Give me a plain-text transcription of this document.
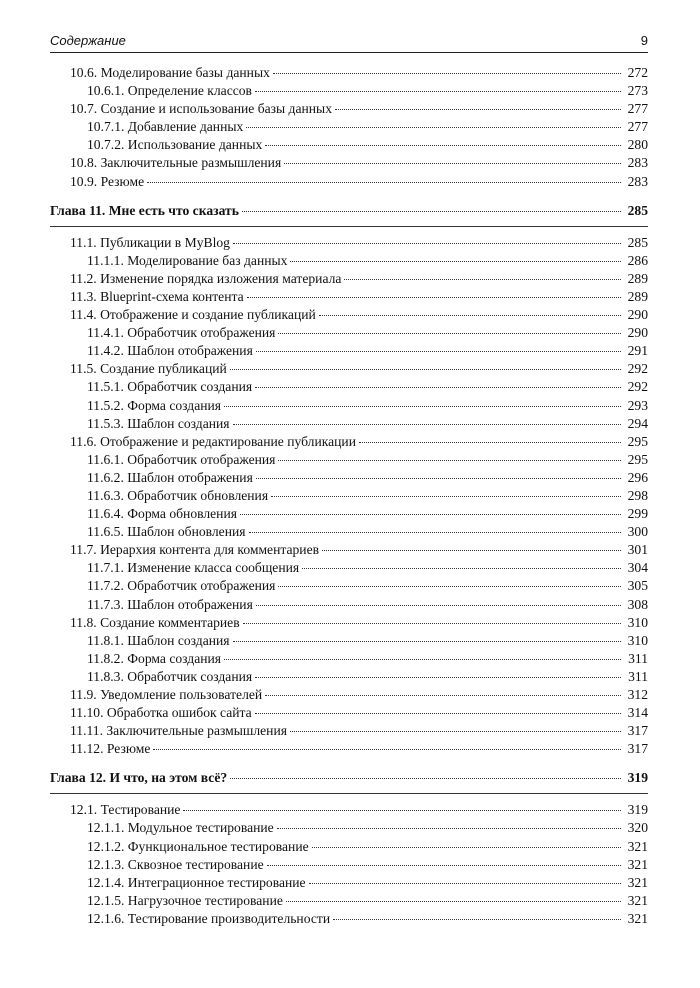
Содержание	9
10.6. Моделирование базы данных	272
10.6.1. Определение классов	273
10.7. Создание и использование базы данных	277
10.7.1. Добавление данных	277
10.7.2. Использование данных	280
10.8. Заключительные размышления	283
10.9. Резюме	283
Глава 11. Мне есть что сказать	285
11.1. Публикации в MyBlog	285
11.1.1. Моделирование баз данных	286
11.2. Изменение порядка изложения материала	289
11.3. Blueprint-схема контента	289
11.4. Отображение и создание публикаций	290
11.4.1. Обработчик отображения	290
11.4.2. Шаблон отображения	291
11.5. Создание публикаций	292
11.5.1. Обработчик создания	292
11.5.2. Форма создания	293
11.5.3. Шаблон создания	294
11.6. Отображение и редактирование публикации	295
11.6.1. Обработчик отображения	295
11.6.2. Шаблон отображения	296
11.6.3. Обработчик обновления	298
11.6.4. Форма обновления	299
11.6.5. Шаблон обновления	300
11.7. Иерархия контента для комментариев	301
11.7.1. Изменение класса сообщения	304
11.7.2. Обработчик отображения	305
11.7.3. Шаблон отображения	308
11.8. Создание комментариев	310
11.8.1. Шаблон создания	310
11.8.2. Форма создания	311
11.8.3. Обработчик создания	311
11.9. Уведомление пользователей	312
11.10. Обработка ошибок сайта	314
11.11. Заключительные размышления	317
11.12. Резюме	317
Глава 12. И что, на этом всё?	319
12.1. Тестирование	319
12.1.1. Модульное тестирование	320
12.1.2. Функциональное тестирование	321
12.1.3. Сквозное тестирование	321
12.1.4. Интеграционное тестирование	321
12.1.5. Нагрузочное тестирование	321
12.1.6. Тестирование производительности	321
